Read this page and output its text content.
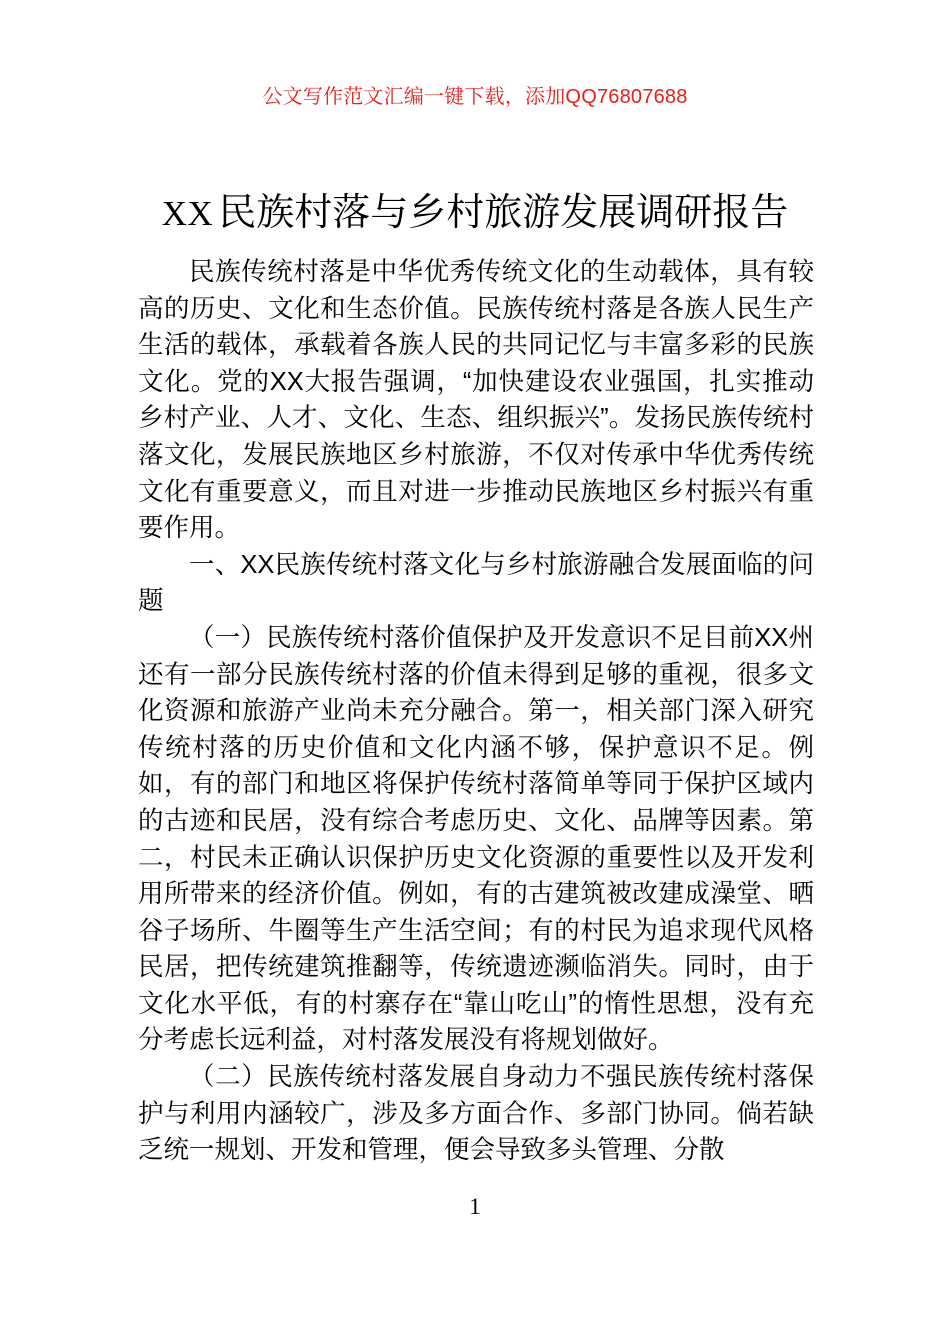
公文写作范文汇编一键下载，添加QQ76807688
XX 民族村落与乡村旅游发展调研报告

民族传统村落是中华优秀传统文化的生动载体，具有较高的历史、文化和生态价值。民族传统村落是各族人民生产生活的载体，承载着各族人民的共同记忆与丰富多彩的民族文化。党的XX大报告强调，“加快建设农业强国，扎实推动乡村产业、人才、文化、生态、组织振兴”。发扬民族传统村落文化，发展民族地区乡村旅游，不仅对传承中华优秀传统文化有重要意义，而且对进一步推动民族地区乡村振兴有重要作用。

一、XX民族传统村落文化与乡村旅游融合发展面临的问题

（一）民族传统村落价值保护及开发意识不足目前XX州还有一部分民族传统村落的价值未得到足够的重视，很多文化资源和旅游产业尚未充分融合。第一，相关部门深入研究传统村落的历史价值和文化内涵不够，保护意识不足。例如，有的部门和地区将保护传统村落简单等同于保护区域内的古迹和民居，没有综合考虑历史、文化、品牌等因素。第二，村民未正确认识保护历史文化资源的重要性以及开发利用所带来的经济价值。例如，有的古建筑被改建成澡堂、晒谷子场所、牛圈等生产生活空间；有的村民为追求现代风格民居，把传统建筑推翻等，传统遗迹濒临消失。同时，由于文化水平低，有的村寨存在“靠山吃山”的惰性思想，没有充分考虑长远利益，对村落发展没有将规划做好。

（二）民族传统村落发展自身动力不强民族传统村落保护与利用内涵较广，涉及多方面合作、多部门协同。倘若缺乏统一规划、开发和管理，便会导致多头管理、分散

1
